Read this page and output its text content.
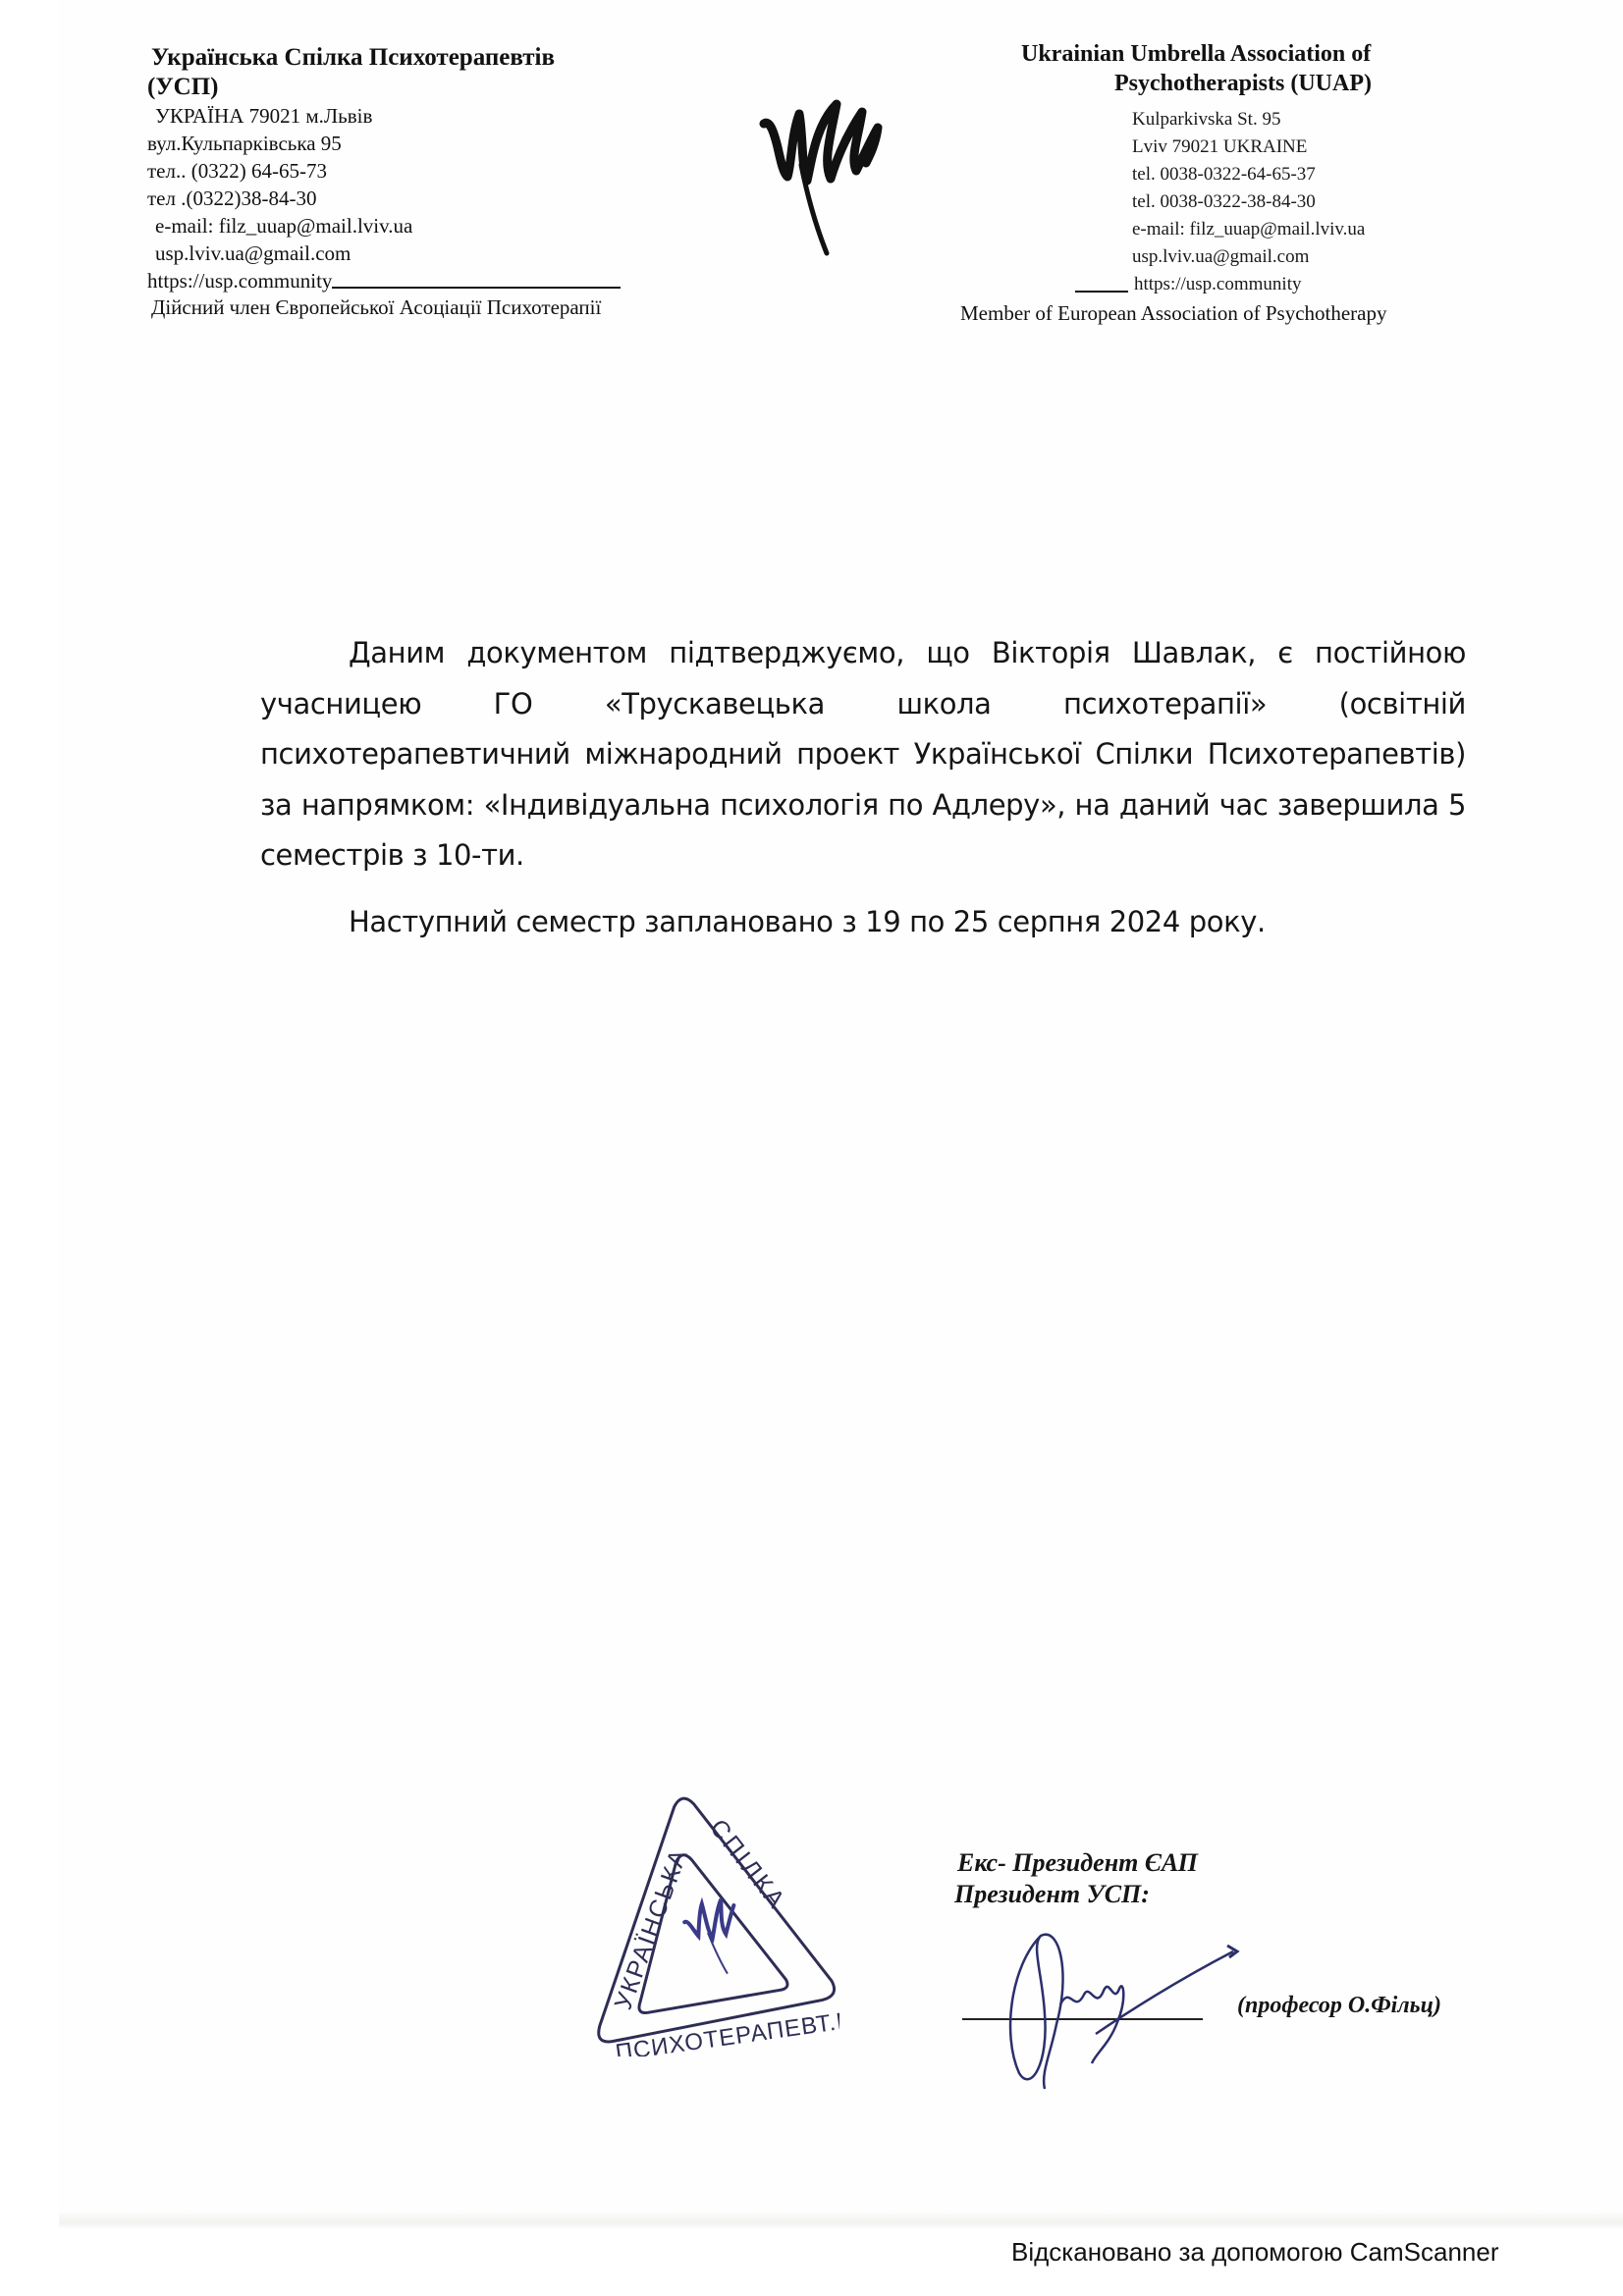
Українська Спілка Психотерапевтів
(УСП)
УКРАЇНА 79021 м.Львів
вул.Кульпарківська 95
тел.. (0322) 64-65-73
тел .(0322)38-84-30
e-mail: filz_uuap@mail.lviv.ua
usp.lviv.ua@gmail.com
https://usp.community
Дійсний член Європейської Асоціації Психотерапії
Ukrainian Umbrella Association of
Psychotherapists (UUAP)
Kulparkivska St. 95
Lviv 79021 UKRAINE
tel. 0038-0322-64-65-37
tel. 0038-0322-38-84-30
e-mail: filz_uuap@mail.lviv.ua
usp.lviv.ua@gmail.com
https://usp.community
Member of European Association of Psychotherapy

Даним документом підтверджуємо, що Вікторія Шавлак, є постійною учасницею ГО «Трускавецька школа психотерапії» (освітній психотерапевтичний міжнародний проект Української Спілки Психотерапевтів) за напрямком: «Індивідуальна психологія по Адлеру», на даний час завершила 5 семестрів з 10-ти.

Наступний семестр заплановано з 19 по 25 серпня 2024 року.

УКРАЇНСЬКА СПІЛКА
ПСИХОТЕРАПЕВТ.В
Екс- Президент ЄАП
Президент УСП:
(професор О.Фільц)
Відскановано за допомогою CamScanner
